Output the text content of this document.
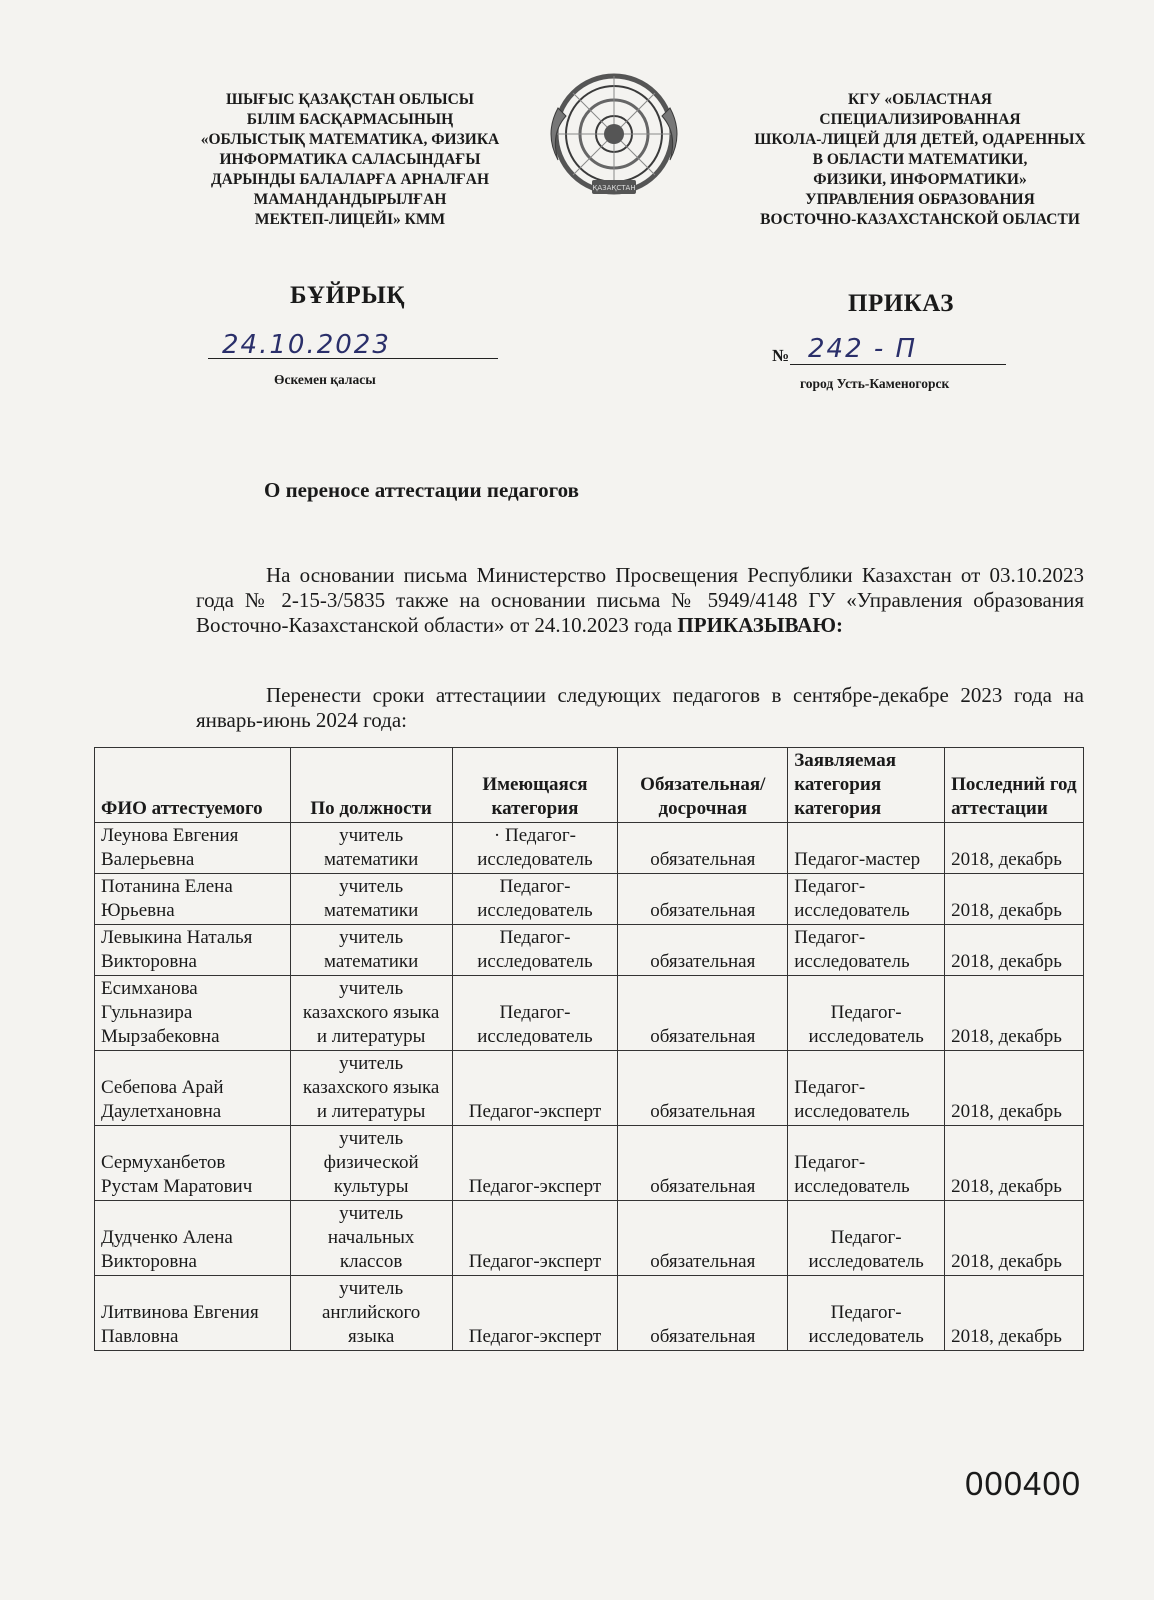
ШЫҒЫС ҚАЗАҚСТАН ОБЛЫСЫ
БІЛІМ БАСҚАРМАСЫНЫҢ
«ОБЛЫСТЫҚ МАТЕМАТИКА, ФИЗИКА
ИНФОРМАТИКА САЛАСЫНДАҒЫ
ДАРЫНДЫ БАЛАЛАРҒА АРНАЛҒАН
МАМАНДАНДЫРЫЛҒАН
МЕКТЕП-ЛИЦЕЙІ» КММ
ҚАЗАҚСТАН
КГУ «ОБЛАСТНАЯ
СПЕЦИАЛИЗИРОВАННАЯ
ШКОЛА-ЛИЦЕЙ ДЛЯ ДЕТЕЙ, ОДАРЕННЫХ
В ОБЛАСТИ МАТЕМАТИКИ,
ФИЗИКИ, ИНФОРМАТИКИ»
УПРАВЛЕНИЯ ОБРАЗОВАНИЯ
ВОСТОЧНО-КАЗАХСТАНСКОЙ ОБЛАСТИ
БҰЙРЫҚ	ПРИКАЗ
24.10.2023
Өскемен қаласы
№ 242 - П
город Усть-Каменогорск
О переносе аттестации педагогов
На основании письма Министерство Просвещения Республики Казахстан от 03.10.2023 года № 2-15-3/5835 также на основании письма № 5949/4148 ГУ «Управления образования Восточно-Казахстанской области» от 24.10.2023 года ПРИКАЗЫВАЮ:
Перенести сроки аттестациии следующих педагогов в сентябре-декабре 2023 года на январь-июнь 2024 года:
ФИО аттестуемого	По должности	Имеющаяся категория	Обязательная/ досрочная	Заявляемая категория категория	Последний год аттестации
Леунова Евгения Валерьевна	учитель математики	· Педагог-исследователь	обязательная	Педагог-мастер	2018, декабрь
Потанина Елена Юрьевна	учитель математики	Педагог-исследователь	обязательная	Педагог-исследователь	2018, декабрь
Левыкина Наталья Викторовна	учитель математики	Педагог-исследователь	обязательная	Педагог-исследователь	2018, декабрь
Есимханова Гульназира Мырзабековна	учитель казахского языка и литературы	Педагог-исследователь	обязательная	Педагог-исследователь	2018, декабрь
Себепова Арай Даулетхановна	учитель казахского языка и литературы	Педагог-эксперт	обязательная	Педагог-исследователь	2018, декабрь
Сермуханбетов Рустам Маратович	учитель физической культуры	Педагог-эксперт	обязательная	Педагог-исследователь	2018, декабрь
Дудченко Алена Викторовна	учитель начальных классов	Педагог-эксперт	обязательная	Педагог-исследователь	2018, декабрь
Литвинова Евгения Павловна	учитель английского языка	Педагог-эксперт	обязательная	Педагог-исследователь	2018, декабрь
000400
